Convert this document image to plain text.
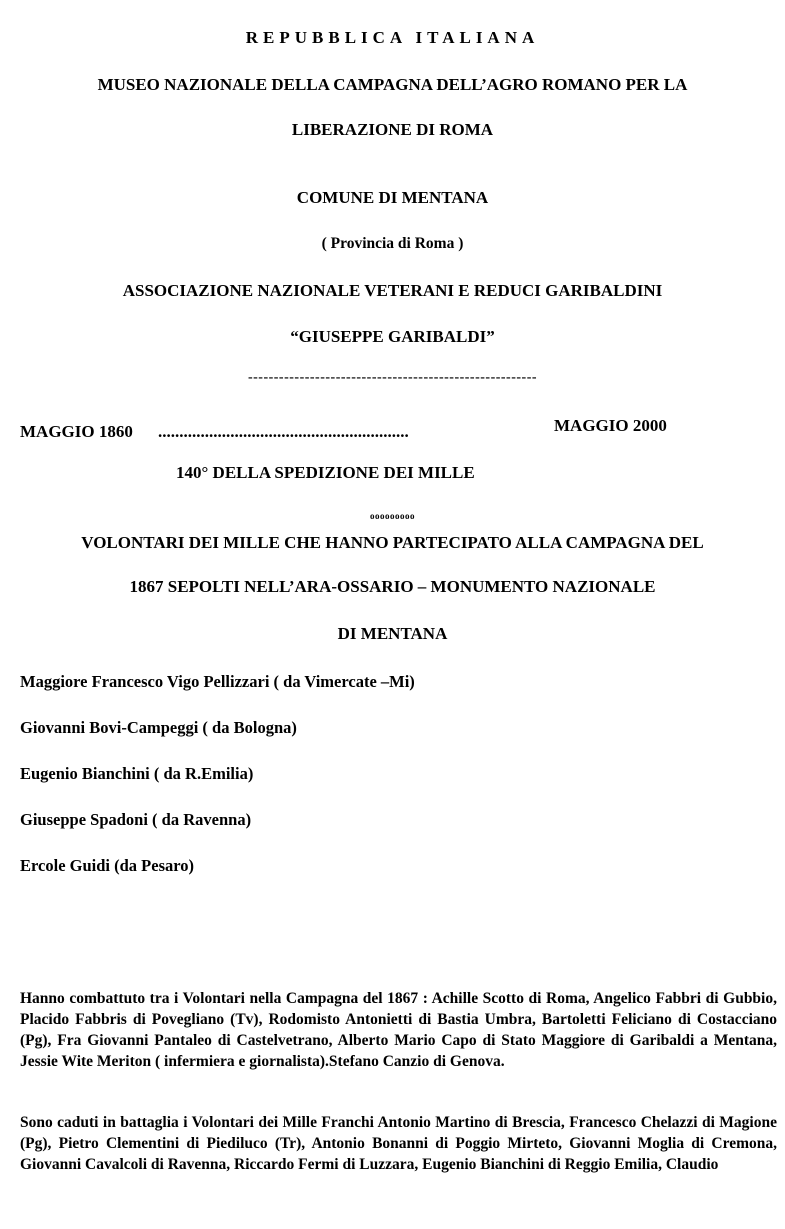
REPUBBLICA ITALIANA
MUSEO NAZIONALE DELLA CAMPAGNA DELL’AGRO ROMANO PER LA
LIBERAZIONE DI ROMA
COMUNE DI MENTANA
( Provincia di Roma )
ASSOCIAZIONE NAZIONALE VETERANI E REDUCI GARIBALDINI
“GIUSEPPE GARIBALDI”
--------------------------------------------------------
MAGGIO 1860 ...........................................................	MAGGIO 2000
140° DELLA SPEDIZIONE DEI MILLE
ooooooooo
VOLONTARI DEI MILLE CHE HANNO PARTECIPATO ALLA CAMPAGNA DEL
1867 SEPOLTI NELL’ARA-OSSARIO – MONUMENTO NAZIONALE
DI MENTANA
Maggiore Francesco Vigo Pellizzari ( da Vimercate –Mi)
Giovanni Bovi-Campeggi ( da Bologna)
Eugenio Bianchini ( da R.Emilia)
Giuseppe Spadoni ( da Ravenna)
Ercole Guidi (da Pesaro)
Hanno combattuto tra i Volontari nella Campagna del 1867 : Achille Scotto di Roma, Angelico Fabbri di Gubbio, Placido Fabbris di Povegliano (Tv), Rodomisto Antonietti di Bastia Umbra, Bartoletti Feliciano di Costacciano (Pg), Fra Giovanni Pantaleo di Castelvetrano, Alberto Mario Capo di Stato Maggiore di Garibaldi a Mentana, Jessie Wite Meriton ( infermiera e giornalista).Stefano Canzio di Genova.
Sono caduti in battaglia i Volontari dei Mille Franchi Antonio Martino di Brescia, Francesco Chelazzi di Magione (Pg), Pietro Clementini di Piediluco (Tr), Antonio Bonanni di Poggio Mirteto, Giovanni Moglia di Cremona, Giovanni Cavalcoli di Ravenna, Riccardo Fermi di Luzzara, Eugenio Bianchini di Reggio Emilia, Claudio
